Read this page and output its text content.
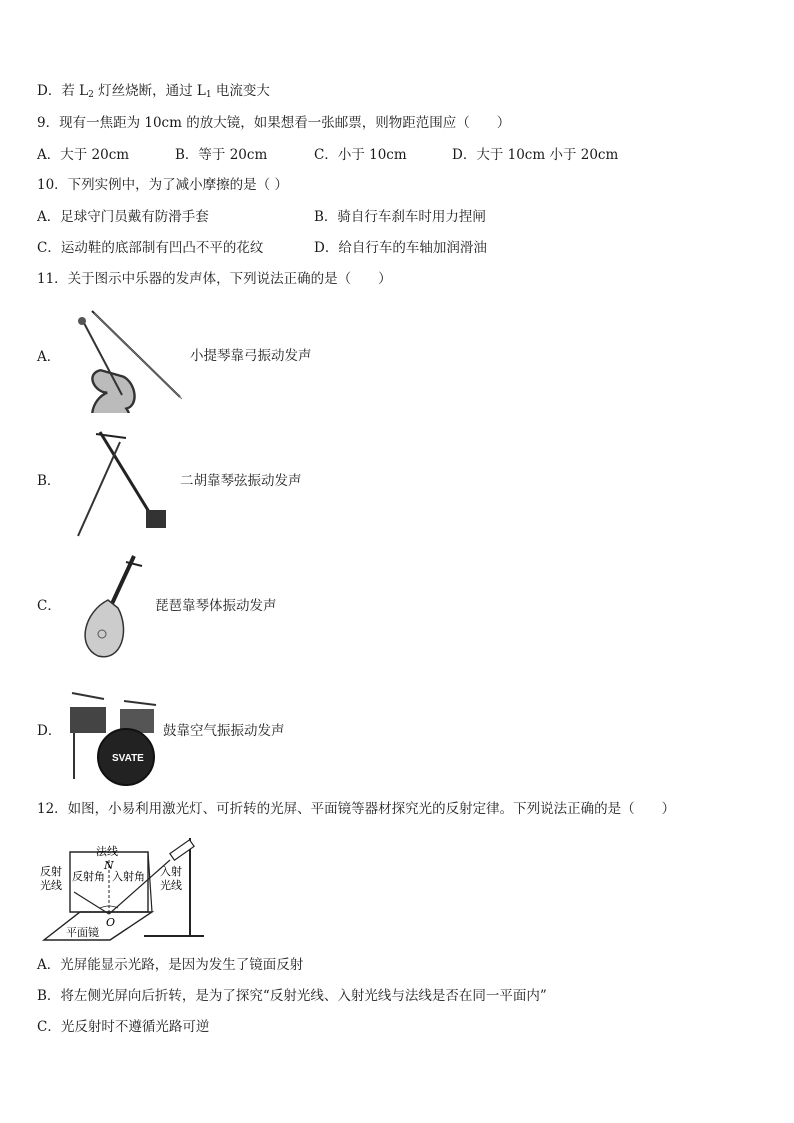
D．若 $L_2$ 灯丝烧断，通过 $L_1$ 电流变大
9．现有一焦距为 10cm 的放大镜，如果想看一张邮票，则物距范围应（　　）
A．大于 20cm	B．等于 20cm	C．小于 10cm	D．大于 10cm 小于 20cm
10．下列实例中，为了减小摩擦的是（ ）
A．足球守门员戴有防滑手套	B．骑自行车刹车时用力捏闸
C．运动鞋的底部制有凹凸不平的花纹	D．给自行车的车轴加润滑油
11．关于图示中乐器的发声体，下列说法正确的是（　　）
A．	小提琴靠弓振动发声
B．	二胡靠琴弦振动发声
C．	琵琶靠琴体振动发声
D．
SVATE
鼓靠空气振振动发声
12．如图，小易利用激光灯、可折转的光屏、平面镜等器材探究光的反射定律。下列说法正确的是（　　）
法线
N
反射
光线
反射角 入射角 入射
光线
O
平面镜
A．光屏能显示光路，是因为发生了镜面反射
B．将左侧光屏向后折转，是为了探究“反射光线、入射光线与法线是否在同一平面内”
C．光反射时不遵循光路可逆
